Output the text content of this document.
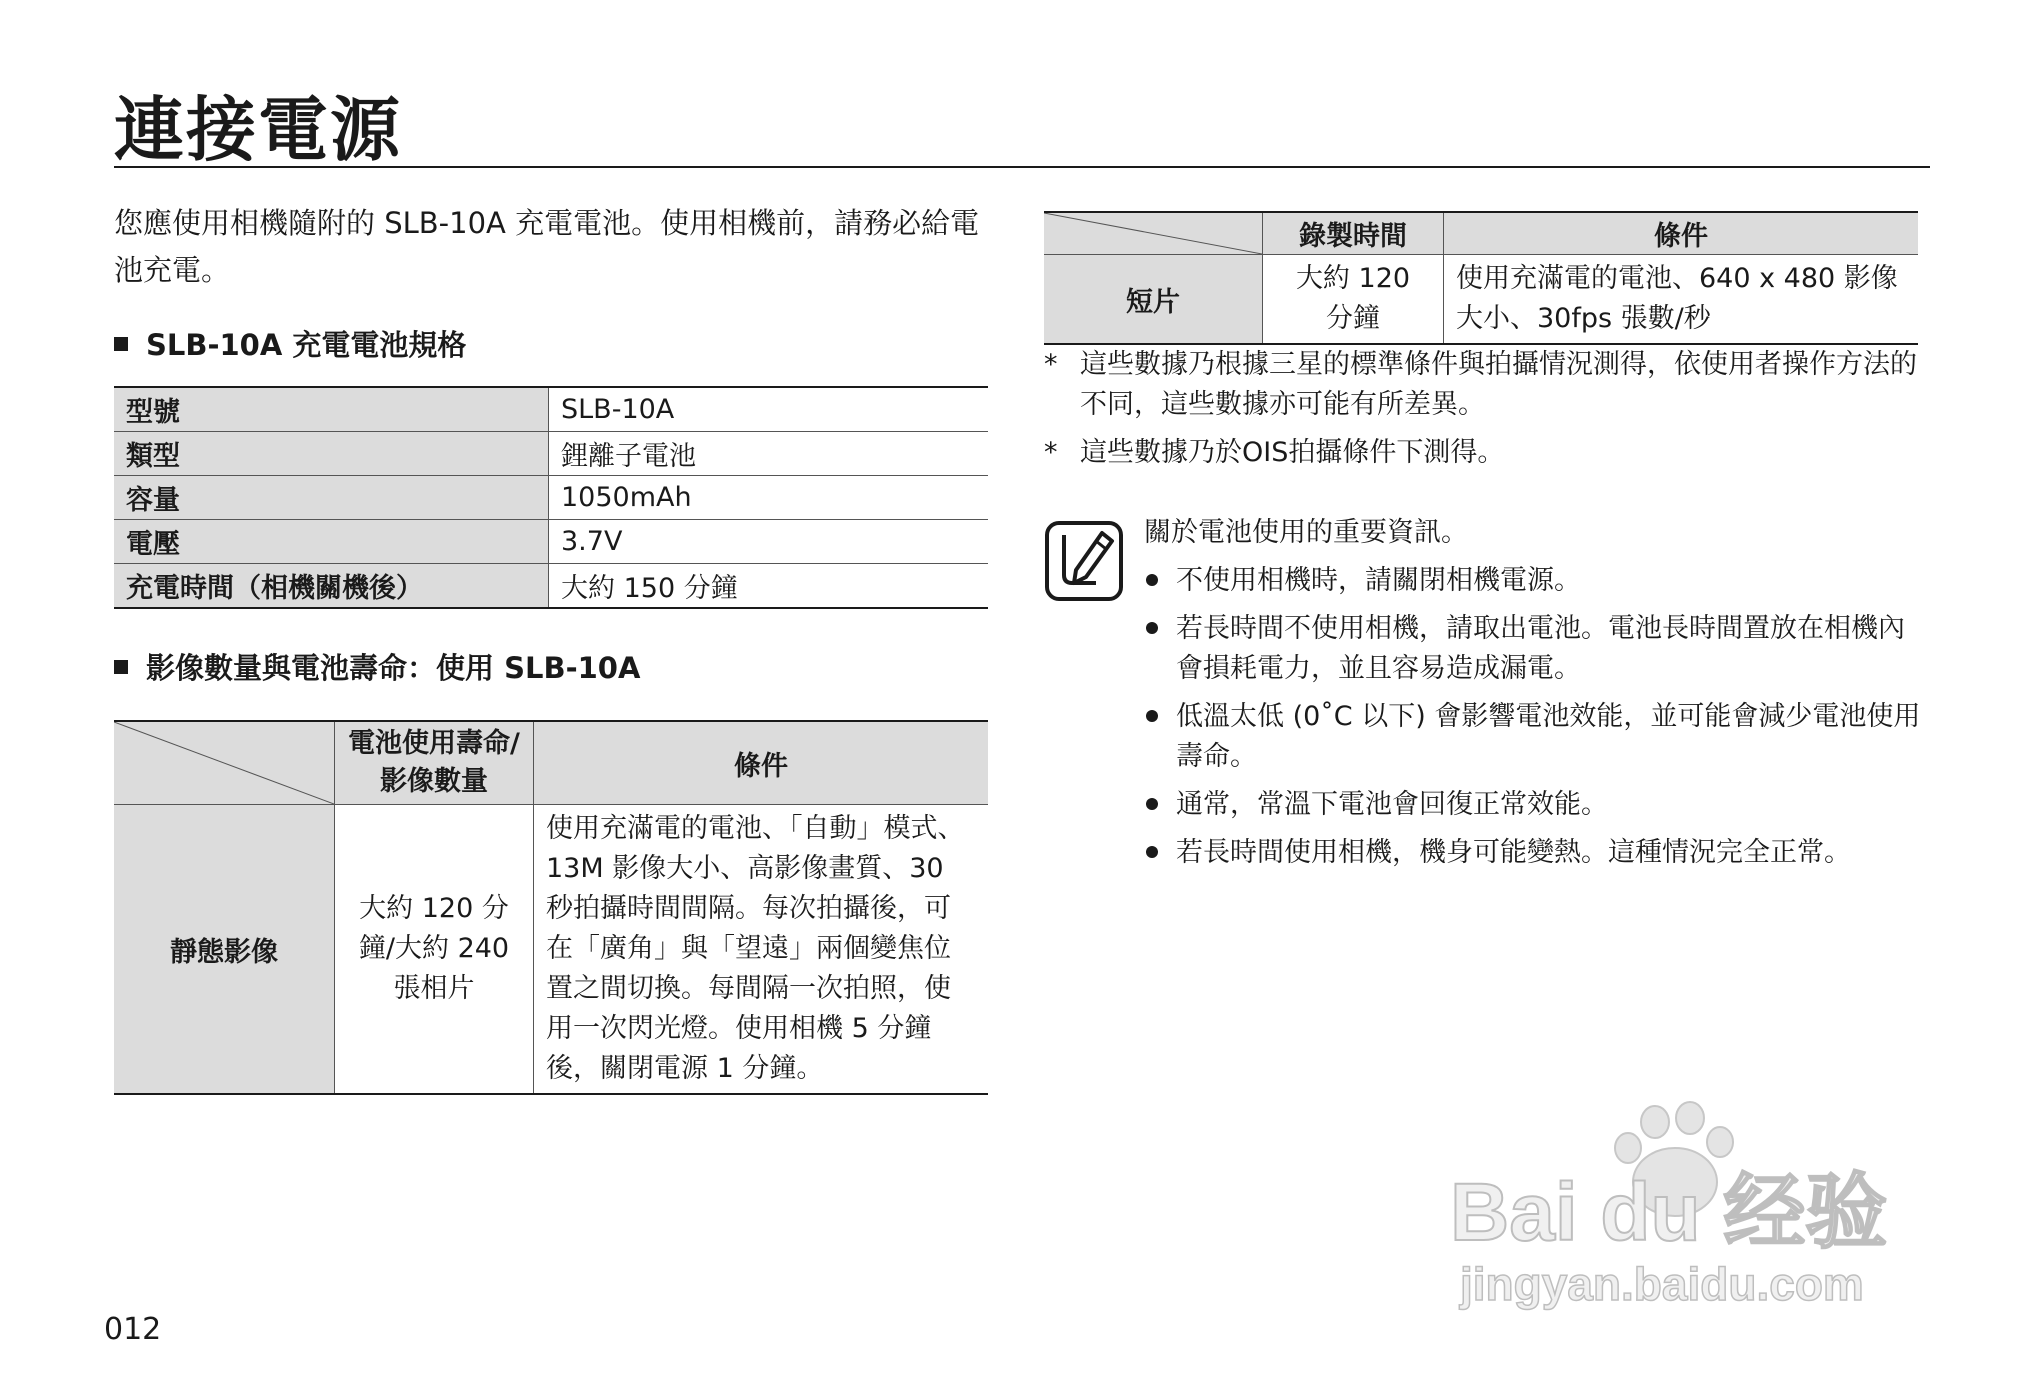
連接電源

您應使用相機隨附的 SLB-10A 充電電池。使用相機前，請務必給電池充電。

SLB-10A 充電電池規格
型號	SLB-10A
類型	鋰離子電池
容量	1050mAh
電壓	3.7V
充電時間（相機關機後）	大約 150 分鐘
影像數量與電池壽命：使用 SLB-10A
	電池使用壽命/影像數量	條件
靜態影像	大約 120 分鐘/大約 240 張相片	使用充滿電的電池、「自動」模式、13M 影像大小、高影像畫質、30 秒拍攝時間間隔。每次拍攝後，可在「廣角」與「望遠」兩個變焦位置之間切換。每間隔一次拍照，使用一次閃光燈。使用相機 5 分鐘後，關閉電源 1 分鐘。
	錄製時間	條件
短片	大約 120 分鐘	使用充滿電的電池、640 x 480 影像大小、30fps 張數/秒
* 這些數據乃根據三星的標準條件與拍攝情況測得，依使用者操作方法的不同，這些數據亦可能有所差異。
* 這些數據乃於OIS拍攝條件下測得。

關於電池使用的重要資訊。

不使用相機時，請關閉相機電源。
若長時間不使用相機，請取出電池。電池長時間置放在相機內會損耗電力，並且容易造成漏電。
低溫太低 (0˚C 以下) 會影響電池效能，並可能會減少電池使用壽命。
通常，常溫下電池會回復正常效能。
若長時間使用相機，機身可能變熱。這種情況完全正常。
012
Bai du 经验
jingyan.baidu.com
